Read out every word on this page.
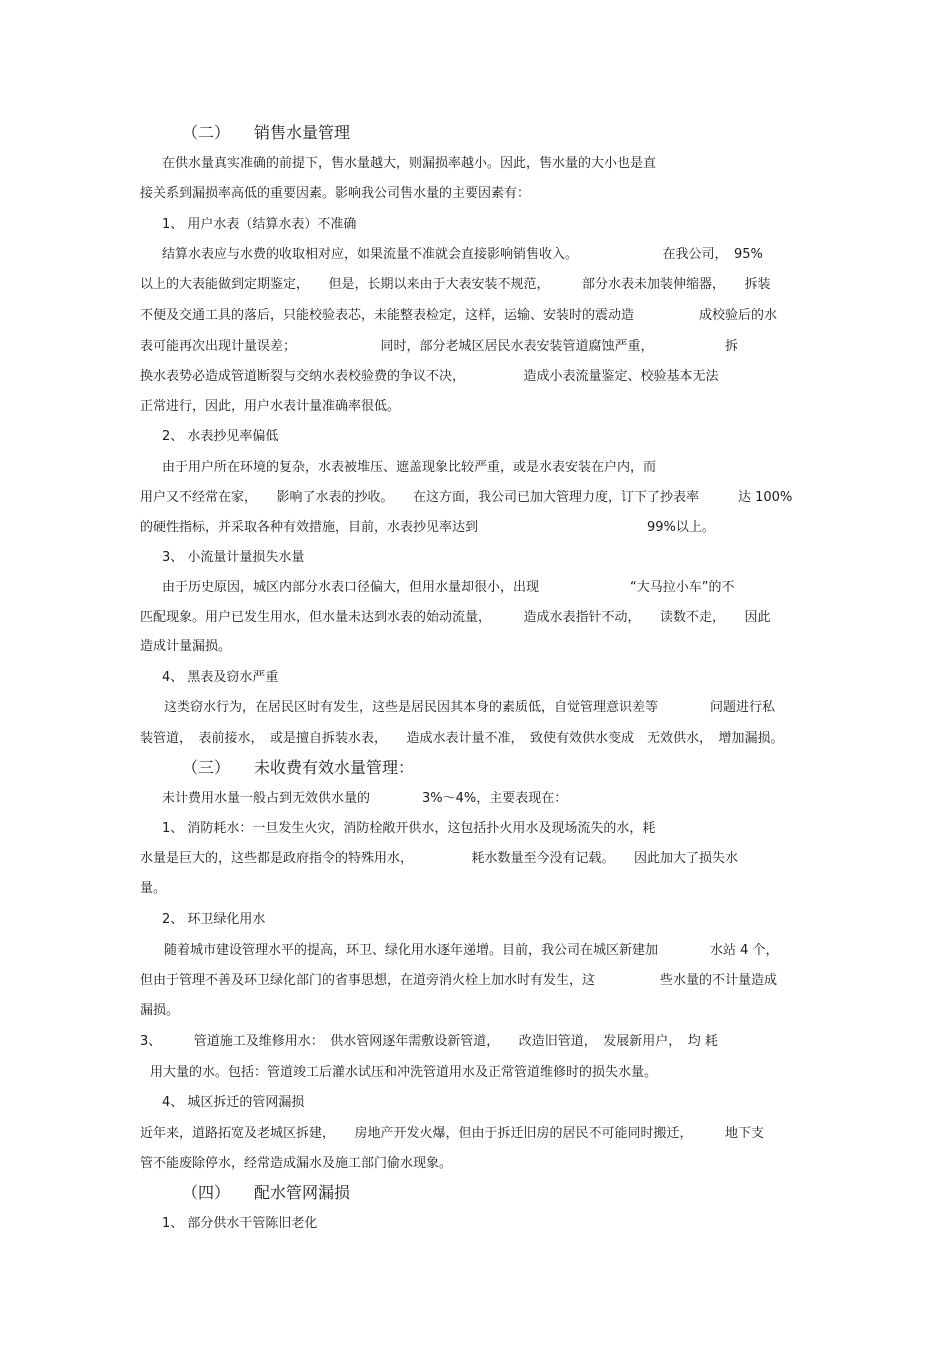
（二）　　销售水量管理
在供水量真实准确的前提下，售水量越大，则漏损率越小。因此，售水量的大小也是直
接关系到漏损率高低的重要因素。影响我公司售水量的主要因素有：
1、 用户水表（结算水表）不准确
结算水表应与水费的收取相对应，如果流量不准就会直接影响销售收入。　　　　　　　在我公司，　95%
以上的大表能做到定期鉴定，　　但是，长期以来由于大表安装不规范，　　　部分水表未加装伸缩器，　　拆装
不便及交通工具的落后，只能校验表芯，未能整表检定，这样，运输、安装时的震动造　　　　　成校验后的水
表可能再次出现计量误差；　　　　　　　同时，部分老城区居民水表安装管道腐蚀严重，　　　　　　拆
换水表势必造成管道断裂与交纳水表校验费的争议不决，　　　　　造成小表流量鉴定、校验基本无法
正常进行，因此，用户水表计量准确率很低。
2、 水表抄见率偏低
由于用户所在环境的复杂，水表被堆压、遮盖现象比较严重，或是水表安装在户内，而
用户又不经常在家，　　影响了水表的抄收。　　在这方面，我公司已加大管理力度，订下了抄表率　　　达 100%
的硬性指标，并采取各种有效措施，目前，水表抄见率达到　　　　　　　　　　　　　99%以上。
3、 小流量计量损失水量
由于历史原因，城区内部分水表口径偏大，但用水量却很小，出现　　　　　　　“大马拉小车”的不
匹配现象。用户已发生用水，但水量未达到水表的始动流量，　　　造成水表指针不动，　　读数不走，　　因此
造成计量漏损。
4、 黑表及窃水严重
这类窃水行为，在居民区时有发生，这些是居民因其本身的素质低，自觉管理意识差等　　　　问题进行私
装管道，　表前接水，　或是擅自拆装水表，　　造成水表计量不准，　致使有效供水变成　无效供水，　增加漏损。
（三）　　未收费有效水量管理：
未计费用水量一般占到无效供水量的　　　　3%～4%，主要表现在：
1、 消防耗水：一旦发生火灾，消防栓敞开供水，这包括扑火用水及现场流失的水，耗
水量是巨大的，这些都是政府指令的特殊用水，　　　　　耗水数量至今没有记载。　　因此加大了损失水
量。
2、 环卫绿化用水
随着城市建设管理水平的提高，环卫、绿化用水逐年递增。目前，我公司在城区新建加　　　　水站 4 个，
但由于管理不善及环卫绿化部门的省事思想，在道旁消火栓上加水时有发生，这　　　　　些水量的不计量造成
漏损。
3、　　　管道施工及维修用水：　供水管网逐年需敷设新管道，　　改造旧管道，　发展新用户，　均 耗
用大量的水。包括：管道竣工后灌水试压和冲洗管道用水及正常管道维修时的损失水量。
4、 城区拆迁的管网漏损
近年来，道路拓宽及老城区拆建，　　房地产开发火爆，但由于拆迁旧房的居民不可能同时搬迁，　　　地下支
管不能废除停水，经常造成漏水及施工部门偷水现象。
（四）　　配水管网漏损
1、 部分供水干管陈旧老化
